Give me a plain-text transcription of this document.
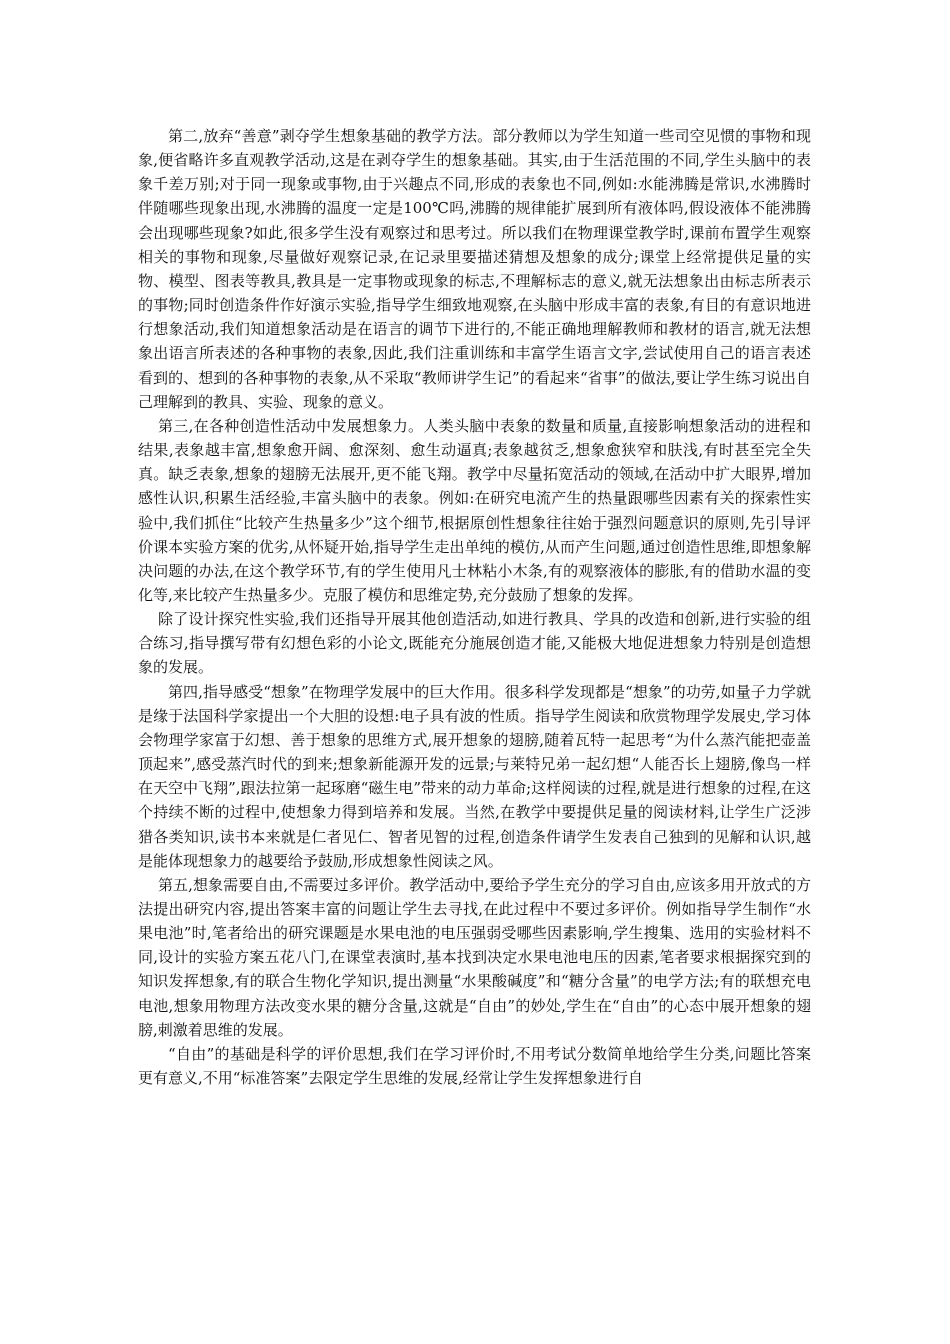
第二,放弃“善意”剥夺学生想象基础的教学方法。部分教师以为学生知道一些司空见惯的事物和现象,便省略许多直观教学活动,这是在剥夺学生的想象基础。其实,由于生活范围的不同,学生头脑中的表象千差万别;对于同一现象或事物,由于兴趣点不同,形成的表象也不同,例如:水能沸腾是常识,水沸腾时伴随哪些现象出现,水沸腾的温度一定是100℃吗,沸腾的规律能扩展到所有液体吗,假设液体不能沸腾会出现哪些现象?如此,很多学生没有观察过和思考过。所以我们在物理课堂教学时,课前布置学生观察相关的事物和现象,尽量做好观察记录,在记录里要描述猜想及想象的成分;课堂上经常提供足量的实物、模型、图表等教具,教具是一定事物或现象的标志,不理解标志的意义,就无法想象出由标志所表示的事物;同时创造条件作好演示实验,指导学生细致地观察,在头脑中形成丰富的表象,有目的有意识地进行想象活动,我们知道想象活动是在语言的调节下进行的,不能正确地理解教师和教材的语言,就无法想象出语言所表述的各种事物的表象,因此,我们注重训练和丰富学生语言文字,尝试使用自己的语言表述看到的、想到的各种事物的表象,从不采取“教师讲学生记”的看起来“省事”的做法,要让学生练习说出自己理解到的教具、实验、现象的意义。

第三,在各种创造性活动中发展想象力。人类头脑中表象的数量和质量,直接影响想象活动的进程和结果,表象越丰富,想象愈开阔、愈深刻、愈生动逼真;表象越贫乏,想象愈狭窄和肤浅,有时甚至完全失真。缺乏表象,想象的翅膀无法展开,更不能飞翔。教学中尽量拓宽活动的领域,在活动中扩大眼界,增加感性认识,积累生活经验,丰富头脑中的表象。例如:在研究电流产生的热量跟哪些因素有关的探索性实验中,我们抓住“比较产生热量多少”这个细节,根据原创性想象往往始于强烈问题意识的原则,先引导评价课本实验方案的优劣,从怀疑开始,指导学生走出单纯的模仿,从而产生问题,通过创造性思维,即想象解决问题的办法,在这个教学环节,有的学生使用凡士林粘小木条,有的观察液体的膨胀,有的借助水温的变化等,来比较产生热量多少。克服了模仿和思维定势,充分鼓励了想象的发挥。

除了设计探究性实验,我们还指导开展其他创造活动,如进行教具、学具的改造和创新,进行实验的组合练习,指导撰写带有幻想色彩的小论文,既能充分施展创造才能,又能极大地促进想象力特别是创造想象的发展。

第四,指导感受“想象”在物理学发展中的巨大作用。很多科学发现都是“想象”的功劳,如量子力学就是缘于法国科学家提出一个大胆的设想:电子具有波的性质。指导学生阅读和欣赏物理学发展史,学习体会物理学家富于幻想、善于想象的思维方式,展开想象的翅膀,随着瓦特一起思考“为什么蒸汽能把壶盖顶起来”,感受蒸汽时代的到来;想象新能源开发的远景;与莱特兄弟一起幻想“人能否长上翅膀,像鸟一样在天空中飞翔”,跟法拉第一起琢磨“磁生电”带来的动力革命;这样阅读的过程,就是进行想象的过程,在这个持续不断的过程中,使想象力得到培养和发展。当然,在教学中要提供足量的阅读材料,让学生广泛涉猎各类知识,读书本来就是仁者见仁、智者见智的过程,创造条件请学生发表自己独到的见解和认识,越是能体现想象力的越要给予鼓励,形成想象性阅读之风。

第五,想象需要自由,不需要过多评价。教学活动中,要给予学生充分的学习自由,应该多用开放式的方法提出研究内容,提出答案丰富的问题让学生去寻找,在此过程中不要过多评价。例如指导学生制作“水果电池”时,笔者给出的研究课题是水果电池的电压强弱受哪些因素影响,学生搜集、选用的实验材料不同,设计的实验方案五花八门,在课堂表演时,基本找到决定水果电池电压的因素,笔者要求根据探究到的知识发挥想象,有的联合生物化学知识,提出测量“水果酸碱度”和“糖分含量”的电学方法;有的联想充电电池,想象用物理方法改变水果的糖分含量,这就是“自由”的妙处,学生在“自由”的心态中展开想象的翅膀,刺激着思维的发展。

“自由”的基础是科学的评价思想,我们在学习评价时,不用考试分数简单地给学生分类,问题比答案更有意义,不用“标准答案”去限定学生思维的发展,经常让学生发挥想象进行自
